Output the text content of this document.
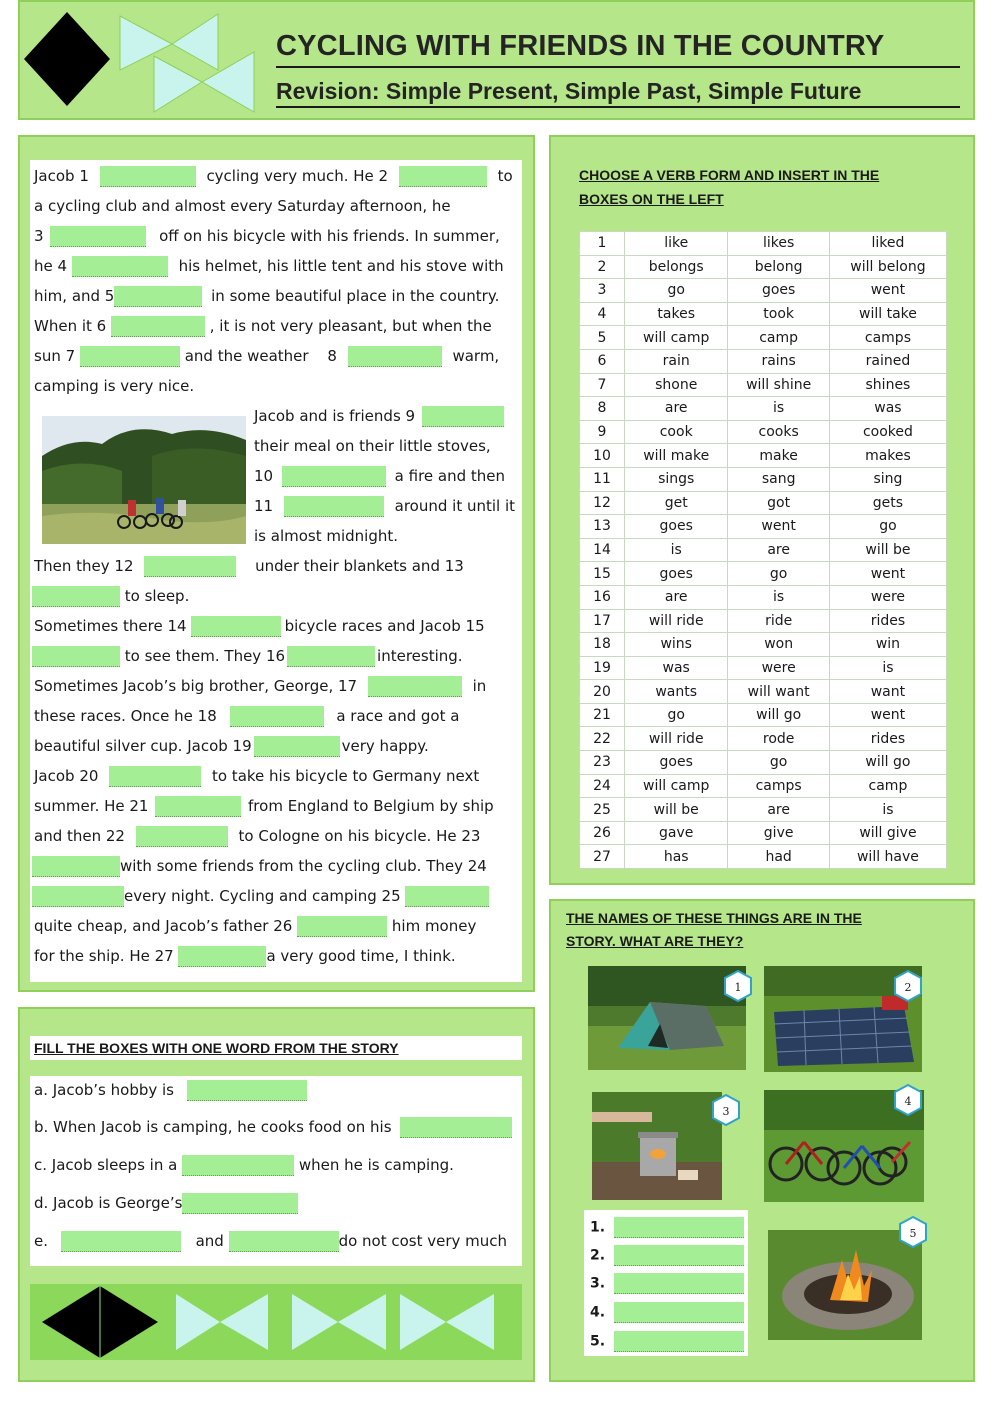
CYCLING WITH FRIENDS IN THE COUNTRY
Revision: Simple Present, Simple Past, Simple Future
Jacob 1	cycling very much. He 2	to
a cycling club and almost every Saturday afternoon, he
3	off on his bicycle with his friends. In summer,
he 4	his helmet, his little tent and his stove with
him, and 5	in some beautiful place in the country.
When it 6	, it is not very pleasant, but when the
sun 7	and the weather 8	warm,
camping is very nice.
Jacob and is friends 9
their meal on their little stoves,
10	a fire and then
11	around it until it
is almost midnight.
Then they 12	under their blankets and 13
to sleep.
Sometimes there 14	bicycle races and Jacob 15
to see them. They 16	interesting.
Sometimes Jacob’s big brother, George, 17	in
these races. Once he 18	a race and got a
beautiful silver cup. Jacob 19	very happy.
Jacob 20	to take his bicycle to Germany next
summer. He 21	from England to Belgium by ship
and then 22	to Cologne on his bicycle. He 23
with some friends from the cycling club. They 24
every night. Cycling and camping 25
quite cheap, and Jacob’s father 26	him money
for the ship. He 27	a very good time, I think.
CHOOSE A VERB FORM AND INSERT IN THE
BOXES ON THE LEFT
1	like	likes	liked
2	belongs	belong	will belong
3	go	goes	went
4	takes	took	will take
5	will camp	camp	camps
6	rain	rains	rained
7	shone	will shine	shines
8	are	is	was
9	cook	cooks	cooked
10	will make	make	makes
11	sings	sang	sing
12	get	got	gets
13	goes	went	go
14	is	are	will be
15	goes	go	went
16	are	is	were
17	will ride	ride	rides
18	wins	won	win
19	was	were	is
20	wants	will want	want
21	go	will go	went
22	will ride	rode	rides
23	goes	go	will go
24	will camp	camps	camp
25	will be	are	is
26	gave	give	will give
27	has	had	will have
FILL THE BOXES WITH ONE WORD FROM THE STORY
a. Jacob’s hobby is
b. When Jacob is camping, he cooks food on his
c. Jacob sleeps in a	when he is camping.
d. Jacob is George’s
e.	and	do not cost very much
THE NAMES OF THESE THINGS ARE IN THE
STORY. WHAT ARE THEY?
1	2
3
4
5
1.
2.
3.
4.
5.
